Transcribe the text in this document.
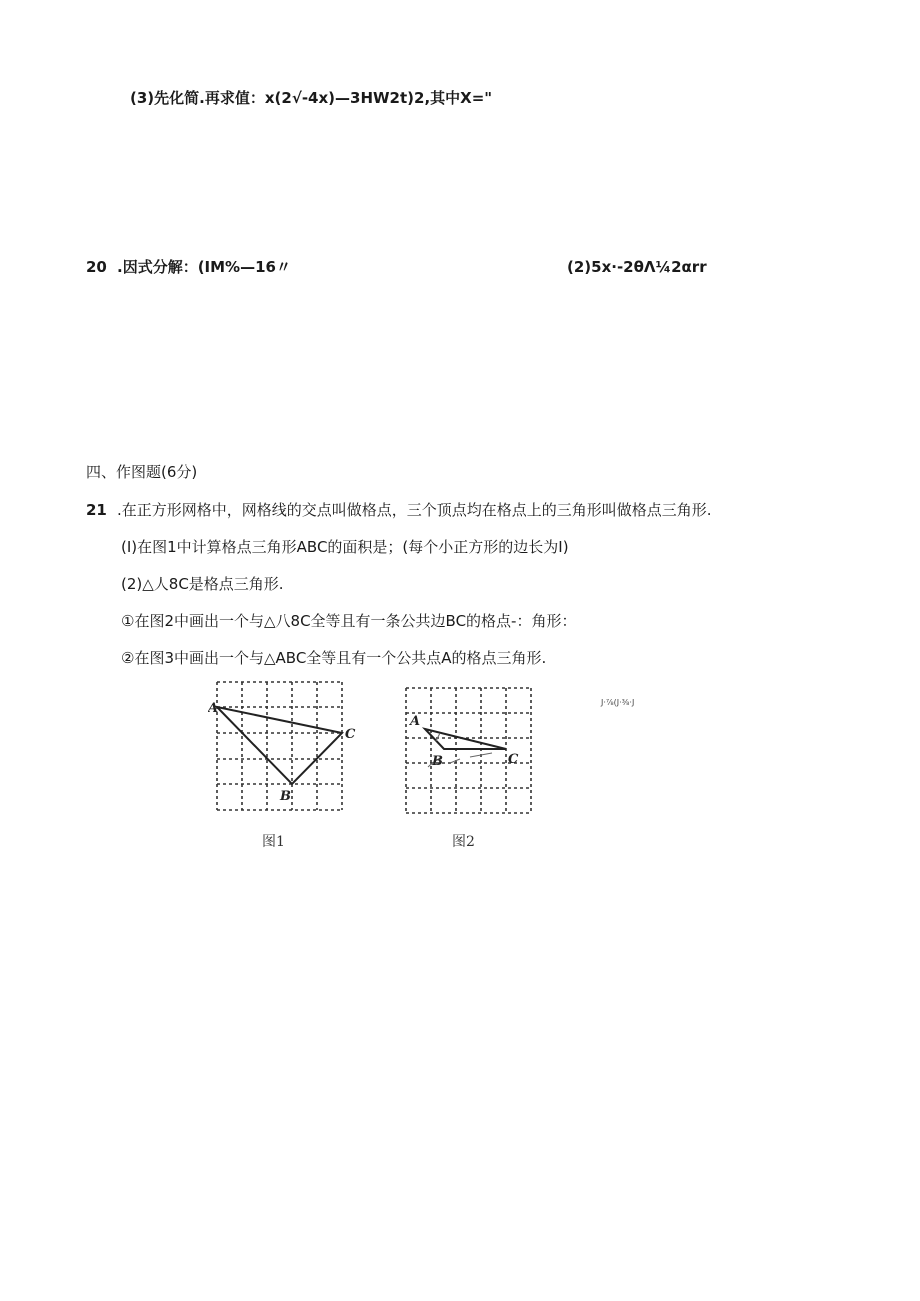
(3)先化简.再求值：x(2√-4x)—3HW2t)2,其中X="
20 .因式分解：(IM%—16〃	(2)5x·-2θΛ¼2αrr
四、作图题(6分)
21 .在正方形网格中，网格线的交点叫做格点，三个顶点均在格点上的三角形叫做格点三角形.
(I)在图1中计算格点三角形ABC的面积是；(每个小正方形的边长为I)
(2)△人8C是格点三角形.
①在图2中画出一个与△八8C全等且有一条公共边BC的格点-：角形：
②在图3中画出一个与△ABC全等且有一个公共点A的格点三角形.
A
C
B
图1
A
B	C
图2
J·⅞(J·⅜·J
